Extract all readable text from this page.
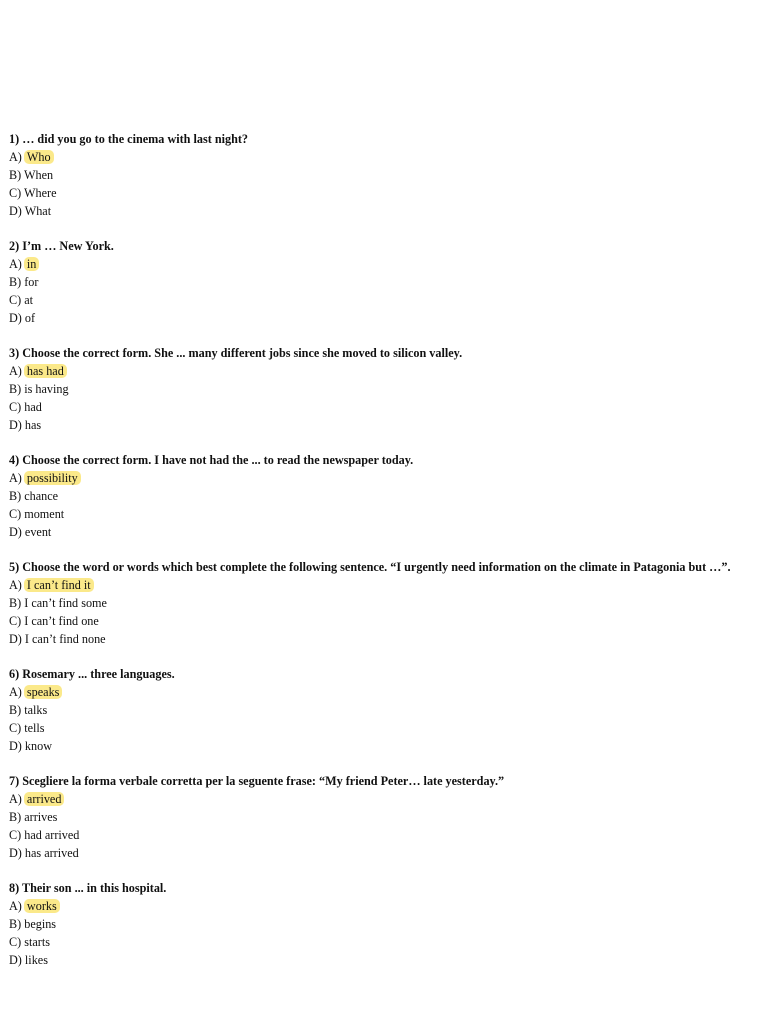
1) … did you go to the cinema with last night?
A) Who
B) When
C) Where
D) What
2) I’m … New York.
A) in
B) for
C) at
D) of
3) Choose the correct form. She ... many different jobs since she moved to silicon valley.
A) has had
B) is having
C) had
D) has
4) Choose the correct form. I have not had the ... to read the newspaper today.
A) possibility
B) chance
C) moment
D) event
5) Choose the word or words which best complete the following sentence. “I urgently need information on the climate in Patagonia but …”.
A) I can’t find it
B) I can’t find some
C) I can’t find one
D) I can’t find none
6) Rosemary ... three languages.
A) speaks
B) talks
C) tells
D) know
7) Scegliere la forma verbale corretta per la seguente frase: “My friend Peter… late yesterday.”
A) arrived
B) arrives
C) had arrived
D) has arrived
8) Their son ... in this hospital.
A) works
B) begins
C) starts
D) likes
